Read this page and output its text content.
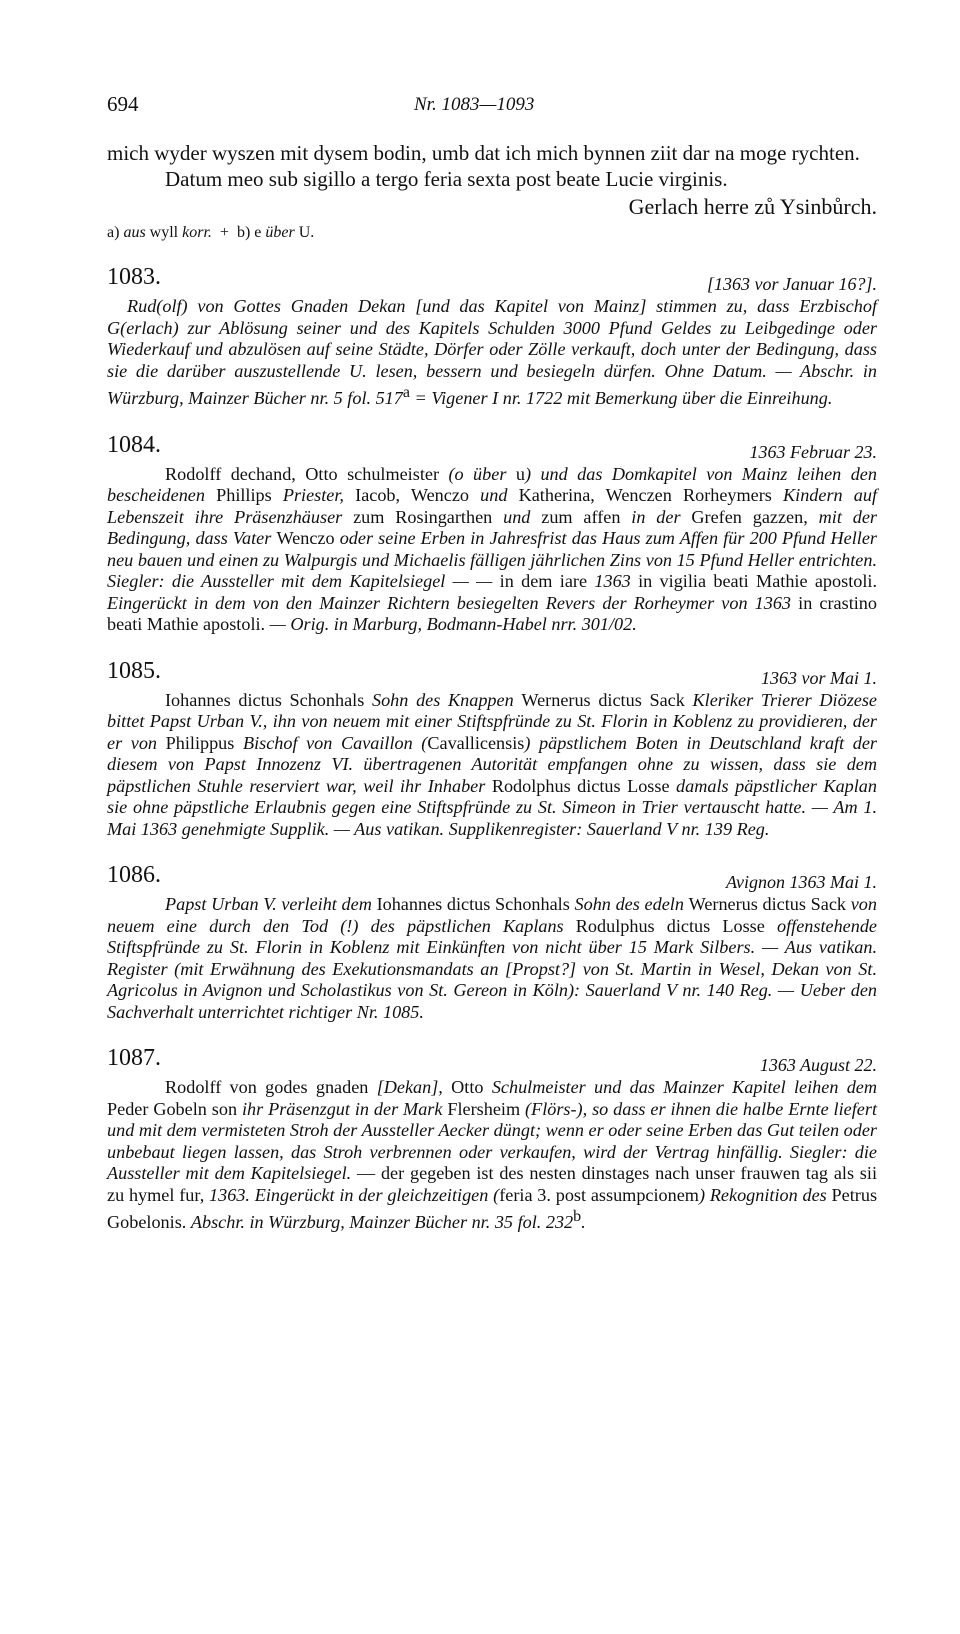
694	Nr. 1083—1093

mich wyder wyszen mit dysem bodin, umb dat ich mich bynnen ziit dar na moge rychten.

Datum meo sub sigillo a tergo feria sexta post beate Lucie virginis.

Gerlach herre zů Ysinbůrch.
a) aus wyll korr. + b) e über U.
1083.	[1363 vor Januar 16?].

Rud(olf) von Gottes Gnaden Dekan [und das Kapitel von Mainz] stimmen zu, dass Erzbischof G(erlach) zur Ablösung seiner und des Kapitels Schulden 3000 Pfund Geldes zu Leibgedinge oder Wiederkauf und abzulösen auf seine Städte, Dörfer oder Zölle verkauft, doch unter der Bedingung, dass sie die darüber auszustellende U. lesen, bessern und besiegeln dürfen. Ohne Datum. — Abschr. in Würzburg, Mainzer Bücher nr. 5 fol. $517^a$ = Vigener I nr. 1722 mit Bemerkung über die Einreihung.

1084.	1363 Februar 23.

Rodolff dechand, Otto schulmeister (o über u) und das Domkapitel von Mainz leihen den bescheidenen Phillips Priester, Iacob, Wenczo und Katherina, Wenczen Rorheymers Kindern auf Lebenszeit ihre Präsenzhäuser zum Rosingarthen und zum affen in der Grefen gazzen, mit der Bedingung, dass Vater Wenczo oder seine Erben in Jahresfrist das Haus zum Affen für 200 Pfund Heller neu bauen und einen zu Walpurgis und Michaelis fälligen jährlichen Zins von 15 Pfund Heller entrichten. Siegler: die Aussteller mit dem Kapitelsiegel — — in dem iare 1363 in vigilia beati Mathie apostoli. Eingerückt in dem von den Mainzer Richtern besiegelten Revers der Rorheymer von 1363 in crastino beati Mathie apostoli. — Orig. in Marburg, Bodmann-Habel nrr. 301/02.

1085.	1363 vor Mai 1.

Iohannes dictus Schonhals Sohn des Knappen Wernerus dictus Sack Kleriker Trierer Diözese bittet Papst Urban V., ihn von neuem mit einer Stiftspfründe zu St. Florin in Koblenz zu providieren, der er von Philippus Bischof von Cavaillon (Cavallicensis) päpstlichem Boten in Deutschland kraft der diesem von Papst Innozenz VI. übertragenen Autorität empfangen ohne zu wissen, dass sie dem päpstlichen Stuhle reserviert war, weil ihr Inhaber Rodolphus dictus Losse damals päpstlicher Kaplan sie ohne päpstliche Erlaubnis gegen eine Stiftspfründe zu St. Simeon in Trier vertauscht hatte. — Am 1. Mai 1363 genehmigte Supplik. — Aus vatikan. Supplikenregister: Sauerland V nr. 139 Reg.

1086.	Avignon 1363 Mai 1.

Papst Urban V. verleiht dem Iohannes dictus Schonhals Sohn des edeln Wernerus dictus Sack von neuem eine durch den Tod (!) des päpstlichen Kaplans Rodulphus dictus Losse offenstehende Stiftspfründe zu St. Florin in Koblenz mit Einkünften von nicht über 15 Mark Silbers. — Aus vatikan. Register (mit Erwähnung des Exekutionsmandats an [Propst?] von St. Martin in Wesel, Dekan von St. Agricolus in Avignon und Scholastikus von St. Gereon in Köln): Sauerland V nr. 140 Reg. — Ueber den Sachverhalt unterrichtet richtiger Nr. 1085.

1087.	1363 August 22.

Rodolff von godes gnaden [Dekan], Otto Schulmeister und das Mainzer Kapitel leihen dem Peder Gobeln son ihr Präsenzgut in der Mark Flersheim (Flörs-), so dass er ihnen die halbe Ernte liefert und mit dem vermisteten Stroh der Aussteller Aecker düngt; wenn er oder seine Erben das Gut teilen oder unbebaut liegen lassen, das Stroh verbrennen oder verkaufen, wird der Vertrag hinfällig. Siegler: die Aussteller mit dem Kapitelsiegel. — der gegeben ist des nesten dinstages nach unser frauwen tag als sii zu hymel fur, 1363. Eingerückt in der gleichzeitigen (feria 3. post assumpcionem) Rekognition des Petrus Gobelonis. Abschr. in Würzburg, Mainzer Bücher nr. 35 fol. 232$^b$.
